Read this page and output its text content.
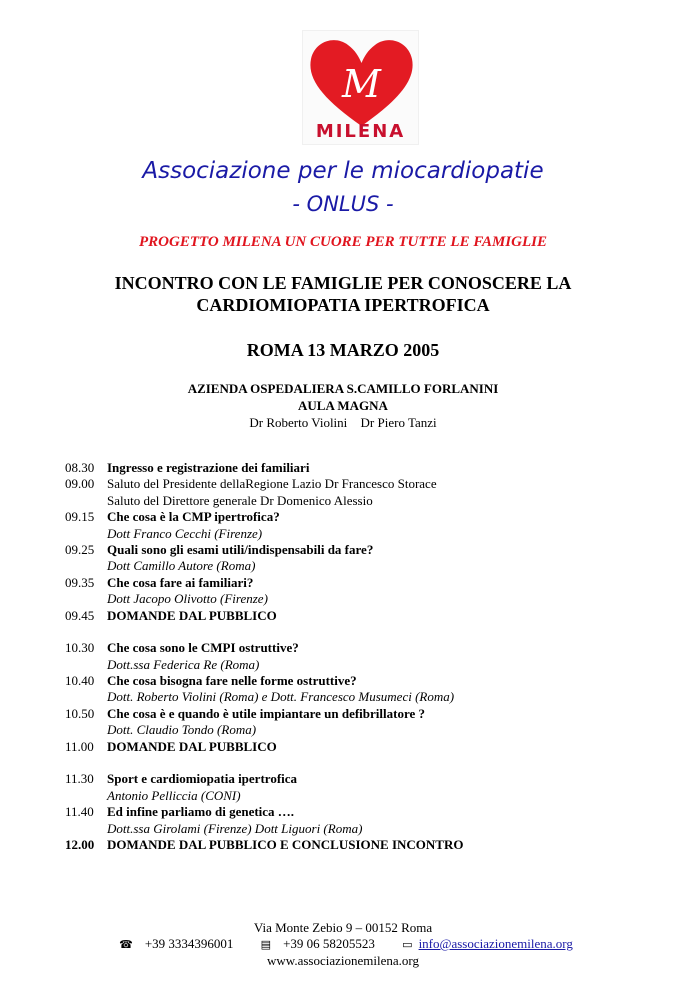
M
MILENA
Associazione per le miocardiopatie
- ONLUS -
PROGETTO MILENA UN CUORE PER TUTTE LE FAMIGLIE
INCONTRO CON LE FAMIGLIE PER CONOSCERE LA
CARDIOMIOPATIA IPERTROFICA
ROMA 13 MARZO 2005
AZIENDA OSPEDALIERA S.CAMILLO FORLANINI
AULA MAGNA
Dr Roberto Violini Dr Piero Tanzi
08.30 Ingresso e registrazione dei familiari
09.00 Saluto del Presidente dellaRegione Lazio Dr Francesco Storace
Saluto del Direttore generale Dr Domenico Alessio
09.15 Che cosa è la CMP ipertrofica?
Dott Franco Cecchi (Firenze)
09.25 Quali sono gli esami utili/indispensabili da fare?
Dott Camillo Autore (Roma)
09.35 Che cosa fare ai familiari?
Dott Jacopo Olivotto (Firenze)
09.45 DOMANDE DAL PUBBLICO
10.30 Che cosa sono le CMPI ostruttive?
Dott.ssa Federica Re (Roma)
10.40 Che cosa bisogna fare nelle forme ostruttive?
Dott. Roberto Violini (Roma) e Dott. Francesco Musumeci (Roma)
10.50 Che cosa è e quando è utile impiantare un defibrillatore ?
Dott. Claudio Tondo (Roma)
11.00	DOMANDE DAL PUBBLICO
11.30	Sport e cardiomiopatia ipertrofica
Antonio Pelliccia (CONI)
11.40	Ed infine parliamo di genetica ….
Dott.ssa Girolami (Firenze) Dott Liguori (Roma)
12.00 DOMANDE DAL PUBBLICO E CONCLUSIONE INCONTRO
Via Monte Zebio 9 – 00152 Roma
☎ +39 3334396001 ▤ +39 06 58205523 ▭ info@associazionemilena.org
www.associazionemilena.org
